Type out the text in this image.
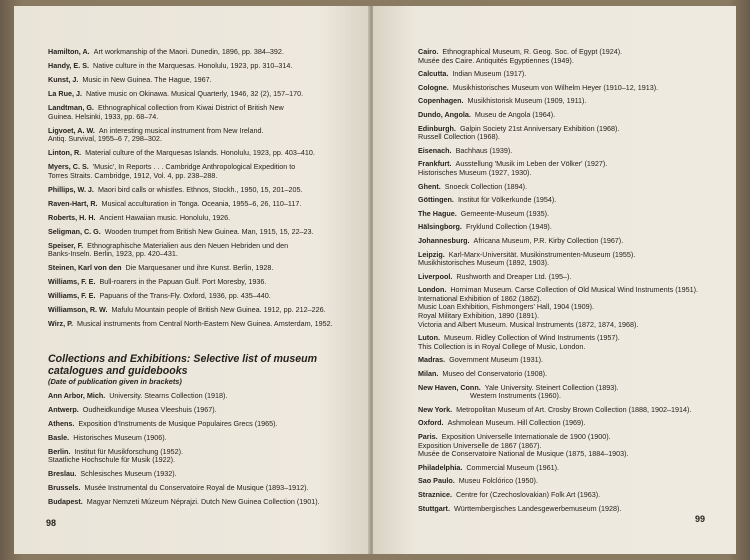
Hamilton, A. Art workmanship of the Maori. Dunedin, 1896, pp. 384–392.
Handy, E. S. Native culture in the Marquesas. Honolulu, 1923, pp. 310–314.
Kunst, J. Music in New Guinea. The Hague, 1967.
La Rue, J. Native music on Okinawa. Musical Quarterly, 1946, 32 (2), 157–170.
Landtman, G. Ethnographical collection from Kiwai District of British New
Guinea. Helsinki, 1933, pp. 68–74.
Ligvoet, A. W. An interesting musical instrument from New Ireland.
Antiq. Survival, 1955–6 7, 298–302.
Linton, R. Material culture of the Marquesas Islands. Honolulu, 1923, pp. 403–410.
Myers, C. S. 'Music', In Reports . . . Cambridge Anthropological Expedition to
Torres Straits. Cambridge, 1912, Vol. 4, pp. 238–288.
Phillips, W. J. Maori bird calls or whistles. Ethnos, Stockh., 1950, 15, 201–205.
Raven-Hart, R. Musical acculturation in Tonga. Oceania, 1955–6, 26, 110–117.
Roberts, H. H. Ancient Hawaiian music. Honolulu, 1926.
Seligman, C. G. Wooden trumpet from British New Guinea. Man, 1915, 15, 22–23.
Speiser, F. Ethnographische Materialien aus den Neuen Hebriden und den
Banks-Inseln. Berlin, 1923, pp. 420–431.
Steinen, Karl von den Die Marquesaner und ihre Kunst. Berlin, 1928.
Williams, F. E. Bull-roarers in the Papuan Gulf. Port Moresby, 1936.
Williams, F. E. Papuans of the Trans-Fly. Oxford, 1936, pp. 435–440.
Williamson, R. W. Mafulu Mountain people of British New Guinea. 1912, pp. 212–226.
Wirz, P. Musical instruments from Central North-Eastern New Guinea. Amsterdam, 1952.
Collections and Exhibitions: Selective list of museum
catalogues and guidebooks
(Date of publication given in brackets)
Ann Arbor, Mich. University. Stearns Collection (1918).
Antwerp. Oudheidkundige Musea Vleeshuis (1967).
Athens. Exposition d'Instruments de Musique Populaires Grecs (1965).
Basle. Historisches Museum (1906).
Berlin. Institut für Musikforschung (1952).
Staatliche Hochschule für Musik (1922).
Breslau. Schlesisches Museum (1932).
Brussels. Musée Instrumental du Conservatoire Royal de Musique (1893–1912).
Budapest. Magyar Nemzeti Múzeum Néprajzi. Dutch New Guinea Collection (1901).
98
Cairo. Ethnographical Museum, R. Geog. Soc. of Egypt (1924).
Musée des Caire. Antiquités Egyptiennes (1949).
Calcutta. Indian Museum (1917).
Cologne. Musikhistorisches Museum von Wilhelm Heyer (1910–12, 1913).
Copenhagen. Musikhistorisk Museum (1909, 1911).
Dundo, Angola. Museu de Angola (1964).
Edinburgh. Galpin Society 21st Anniversary Exhibition (1968).
Russell Collection (1968).
Eisenach. Bachhaus (1939).
Frankfurt. Ausstellung 'Musik im Leben der Völker' (1927).
Historisches Museum (1927, 1930).
Ghent. Snoeck Collection (1894).
Göttingen. Institut für Völkerkunde (1954).
The Hague. Gemeente-Museum (1935).
Hälsingborg. Fryklund Collection (1949).
Johannesburg. Africana Museum, P.R. Kirby Collection (1967).
Leipzig. Karl-Marx-Universität. Musikinstrumenten-Museum (1955).
Musikhistorisches Museum (1892, 1903).
Liverpool. Rushworth and Dreaper Ltd. (195–).
London. Horniman Museum. Carse Collection of Old Musical Wind Instruments (1951).
International Exhibition of 1862 (1862).
Music Loan Exhibition, Fishmongers' Hall, 1904 (1909).
Royal Military Exhibition, 1890 (1891).
Victoria and Albert Museum. Musical Instruments (1872, 1874, 1968).
Luton. Museum. Ridley Collection of Wind Instruments (1957).
This Collection is in Royal College of Music, London.
Madras. Government Museum (1931).
Milan. Museo del Conservatorio (1908).
New Haven, Conn. Yale University. Steinert Collection (1893).
Western Instruments (1960).
New York. Metropolitan Museum of Art. Crosby Brown Collection (1888, 1902–1914).
Oxford. Ashmolean Museum. Hill Collection (1969).
Paris. Exposition Universelle Internationale de 1900 (1900).
Exposition Universelle de 1867 (1867).
Musée de Conservatoire National de Musique (1875, 1884–1903).
Philadelphia. Commercial Museum (1961).
Sao Paulo. Museu Folclórico (1950).
Straznice. Centre for (Czechoslovakian) Folk Art (1963).
Stuttgart. Württembergisches Landesgewerbemuseum (1928).
99
